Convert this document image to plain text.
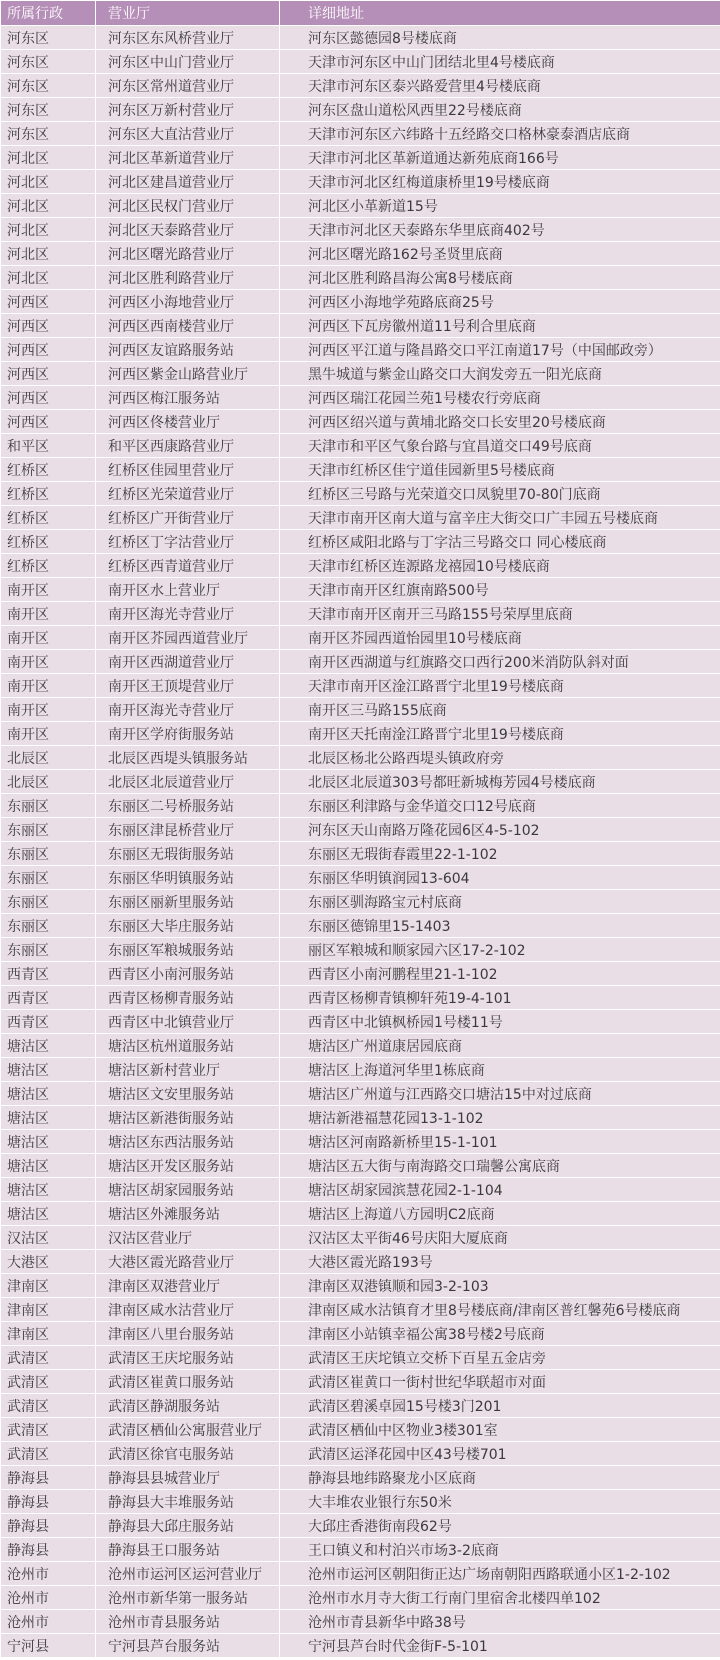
所属行政	营业厅	详细地址
河东区	河东区东风桥营业厅	河东区懿德园8号楼底商
河东区	河东区中山门营业厅	天津市河东区中山门团结北里4号楼底商
河东区	河东区常州道营业厅	天津市河东区泰兴路爱营里4号楼底商
河东区	河东区万新村营业厅	河东区盘山道松风西里22号楼底商
河东区	河东区大直沽营业厅	天津市河东区六纬路十五经路交口格林豪泰酒店底商
河北区	河北区革新道营业厅	天津市河北区革新道通达新苑底商166号
河北区	河北区建昌道营业厅	天津市河北区红梅道康桥里19号楼底商
河北区	河北区民权门营业厅	河北区小革新道15号
河北区	河北区天泰路营业厅	天津市河北区天泰路东华里底商402号
河北区	河北区曙光路营业厅	河北区曙光路162号圣贤里底商
河北区	河北区胜利路营业厅	河北区胜利路昌海公寓8号楼底商
河西区	河西区小海地营业厅	河西区小海地学苑路底商25号
河西区	河西区西南楼营业厅	河西区下瓦房徽州道11号利合里底商
河西区	河西区友谊路服务站	河西区平江道与隆昌路交口平江南道17号（中国邮政旁）
河西区	河西区紫金山路营业厅	黑牛城道与紫金山路交口大润发旁五一阳光底商
河西区	河西区梅江服务站	河西区瑞江花园兰苑1号楼农行旁底商
河西区	河西区佟楼营业厅	河西区绍兴道与黄埔北路交口长安里20号楼底商
和平区	和平区西康路营业厅	天津市和平区气象台路与宜昌道交口49号底商
红桥区	红桥区佳园里营业厅	天津市红桥区佳宁道佳园新里5号楼底商
红桥区	红桥区光荣道营业厅	红桥区三号路与光荣道交口凤貌里70-80门底商
红桥区	红桥区广开街营业厅	天津市南开区南大道与富辛庄大街交口广丰园五号楼底商
红桥区	红桥区丁字沽营业厅	红桥区咸阳北路与丁字沽三号路交口 同心楼底商
红桥区	红桥区西青道营业厅	天津市红桥区连源路龙禧园10号楼底商
南开区	南开区水上营业厅	天津市南开区红旗南路500号
南开区	南开区海光寺营业厅	天津市南开区南开三马路155号荣厚里底商
南开区	南开区芥园西道营业厅	南开区芥园西道怡园里10号楼底商
南开区	南开区西湖道营业厅	南开区西湖道与红旗路交口西行200米消防队斜对面
南开区	南开区王顶堤营业厅	天津市南开区淦江路晋宁北里19号楼底商
南开区	南开区海光寺营业厅	南开区三马路155底商
南开区	南开区学府街服务站	南开区天托南淦江路晋宁北里19号楼底商
北辰区	北辰区西堤头镇服务站	北辰区杨北公路西堤头镇政府旁
北辰区	北辰区北辰道营业厅	北辰区北辰道303号都旺新城梅芳园4号楼底商
东丽区	东丽区二号桥服务站	东丽区利津路与金华道交口12号底商
东丽区	东丽区津昆桥营业厅	河东区天山南路万隆花园6区4-5-102
东丽区	东丽区无瑕街服务站	东丽区无瑕街春霞里22-1-102
东丽区	东丽区华明镇服务站	东丽区华明镇润园13-604
东丽区	东丽区丽新里服务站	东丽区驯海路宝元村底商
东丽区	东丽区大毕庄服务站	东丽区德锦里15-1403
东丽区	东丽区军粮城服务站	丽区军粮城和顺家园六区17-2-102
西青区	西青区小南河服务站	西青区小南河鹏程里21-1-102
西青区	西青区杨柳青服务站	西青区杨柳青镇柳轩苑19-4-101
西青区	西青区中北镇营业厅	西青区中北镇枫桥园1号楼11号
塘沽区	塘沽区杭州道服务站	塘沽区广州道康居园底商
塘沽区	塘沽区新村营业厅	塘沽区上海道河华里1栋底商
塘沽区	塘沽区文安里服务站	塘沽区广州道与江西路交口塘沽15中对过底商
塘沽区	塘沽区新港街服务站	塘沽新港福慧花园13-1-102
塘沽区	塘沽区东西沽服务站	塘沽区河南路新桥里15-1-101
塘沽区	塘沽区开发区服务站	塘沽区五大街与南海路交口瑞馨公寓底商
塘沽区	塘沽区胡家园服务站	塘沽区胡家园滨慧花园2-1-104
塘沽区	塘沽区外滩服务站	塘沽区上海道八方园明C2底商
汉沽区	汉沽区营业厅	汉沽区太平街46号庆阳大厦底商
大港区	大港区霞光路营业厅	大港区霞光路193号
津南区	津南区双港营业厅	津南区双港镇顺和园3-2-103
津南区	津南区咸水沽营业厅	津南区咸水沽镇育才里8号楼底商/津南区普红馨苑6号楼底商
津南区	津南区八里台服务站	津南区小站镇幸福公寓38号楼2号底商
武清区	武清区王庆坨服务站	武清区王庆坨镇立交桥下百星五金店旁
武清区	武清区崔黄口服务站	武清区崔黄口一街村世纪华联超市对面
武清区	武清区静湖服务站	武清区碧溪卓园15号楼3门201
武清区	武清区栖仙公寓服营业厅	武清区栖仙中区物业3楼301室
武清区	武清区徐官屯服务站	武清区运泽花园中区43号楼701
静海县	静海县县城营业厅	静海县地纬路聚龙小区底商
静海县	静海县大丰堆服务站	大丰堆农业银行东50米
静海县	静海县大邱庄服务站	大邱庄香港街南段62号
静海县	静海县王口服务站	王口镇义和村泊兴市场3-2底商
沧州市	沧州市运河区运河营业厅	沧州市运河区朝阳街正达广场南朝阳西路联通小区1-2-102
沧州市	沧州市新华第一服务站	沧州市水月寺大街工行南门里宿舍北楼四单102
沧州市	沧州市青县服务站	沧州市青县新华中路38号
宁河县	宁河县芦台服务站	宁河县芦台时代金街F-5-101
